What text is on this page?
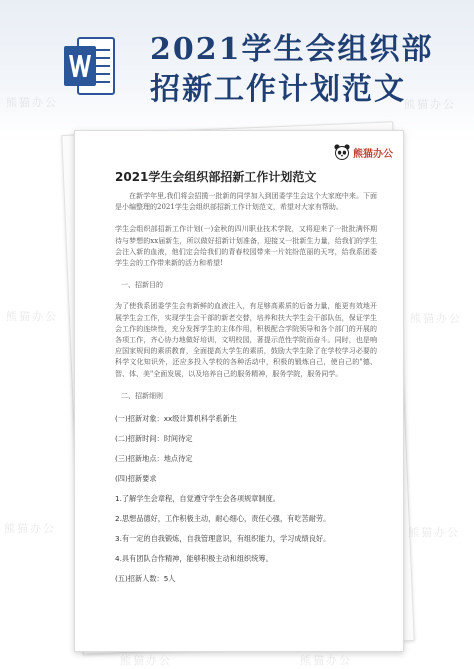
2021学生会组织部
招新工作计划范文
熊猫办公
2021学生会组织部招新工作计划范文

　　在新学年里,我们将会招揽一批新的同学加入到团委学生会这个大家庭中来。下面是小编整理的2021学生会组织部招新工作计划范文，希望对大家有帮助。

学生会组织部招新工作计划(一)金秋的四川职业技术学院，又将迎来了一批批满怀期待与梦想的xx届新生，所以做好招新计划准备，迎接又一批新生力量，给我们的学生会注入新的血液，他们定会给我们的青春校园带来一片姹纷范丽的天穹，给我系团委学生会的工作带来新的活力和希望!

一、招新目的

为了使我系团委学生会有新鲜的血液注入，有足够高素质的后备力量，能更有效地开展学生会工作，实现学生会干部的新老交替，培养和扶大学生会干部队伍，保证学生会工作的连续性，充分发挥学生的主体作用，积极配合学院领导和各个部门的开展的各项工作，齐心协力地做好培训，文明校园，著提示范性学院而奋斗。同时，也是响应国家规间的素质教育，全面提高大学生的素质，鼓励大学生除了在学校学习必要的科学文化知识外，还应多投入学校的各种活动中，积极的锻炼自己，使自己的"德、智、体、美"全面发展，以及培养自己的服务精神，服务学院，服务同学。

二、招新细则

(一)招新对象：xx级计算机科学系新生

(二)招新时间：时间待定

(三)招新地点：地点待定

(四)招新要求

1.了解学生会章程，自觉遵守学生会各项规章制度。

2.思想品德好，工作积极主动，耐心细心，责任心强，有吃苦耐劳。

3.有一定的自我锻炼，自我管理意识，有组织能力，学习成绩良好。

4.具有团队合作精神，能够积极主动和组织统筹。

(五)招新人数：5人

熊猫办公	熊猫办公
熊猫办公	熊猫办公
熊猫办公	熊猫办公
熊猫办公	熊猫办公
